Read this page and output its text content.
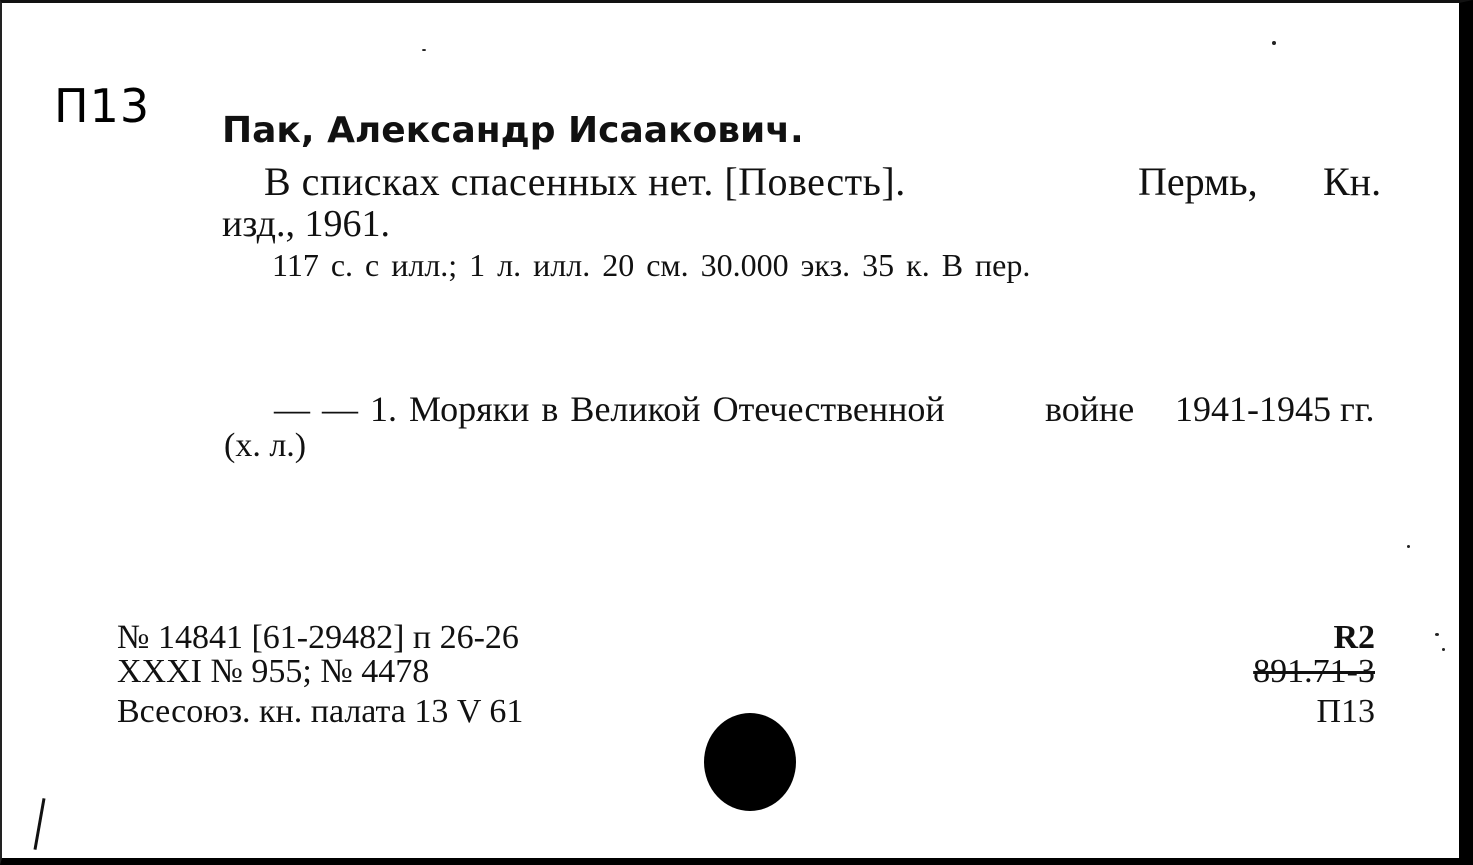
П13 Пак, Александр Исаакович.
В списках спасенных нет. [Повесть].	Пермь, Кн.
изд., 1961.
117 с. с илл.; 1 л. илл. 20 см. 30.000 экз. 35 к. В пер.
— — 1. Моряки в Великой Отечественной	войне 1941-1945 гг.
(х. л.)
№ 14841 [61-29482] п 26-26
XXXI № 955; № 4478
Всесоюз. кн. палата 13 V 61
R2
891.71-3
П13
